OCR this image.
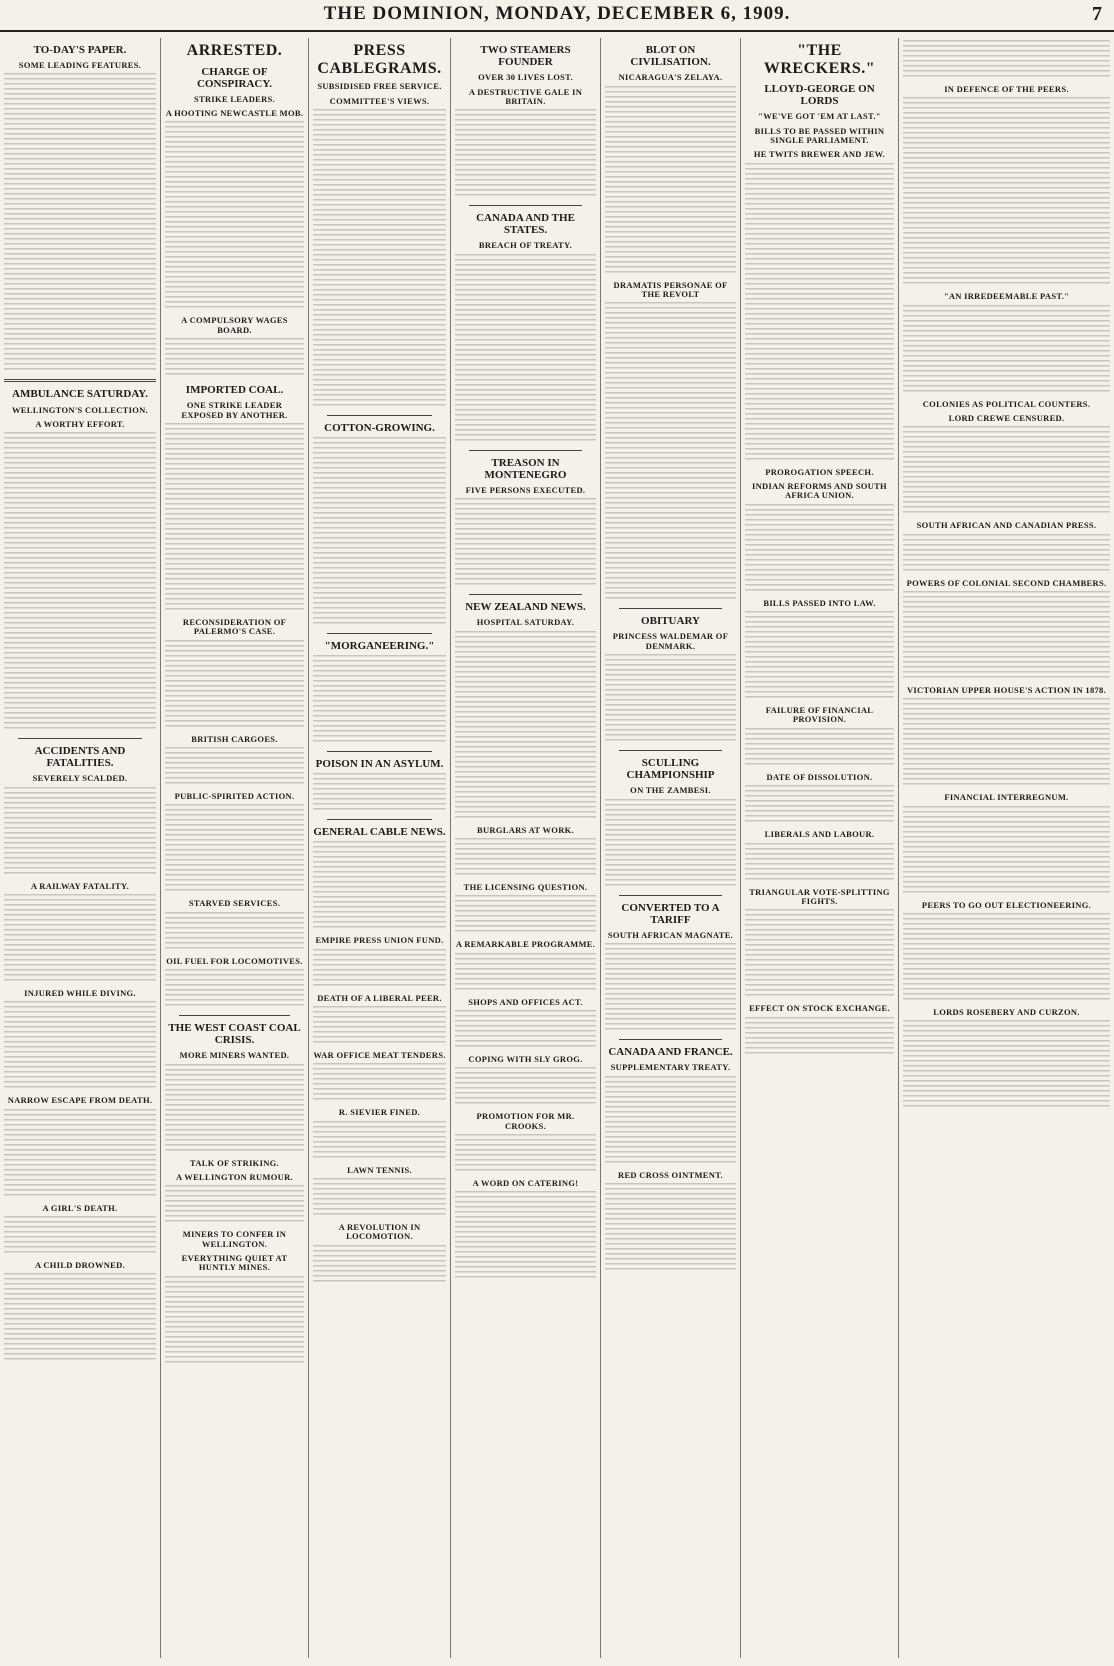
THE DOMINION, MONDAY, DECEMBER 6, 1909.	7
TO-DAY'S PAPER.
SOME LEADING FEATURES.
AMBULANCE SATURDAY.
WELLINGTON'S COLLECTION.
A WORTHY EFFORT.
ACCIDENTS AND FATALITIES.
SEVERELY SCALDED.
A RAILWAY FATALITY.
INJURED WHILE DIVING.
NARROW ESCAPE FROM DEATH.
A GIRL'S DEATH.
A CHILD DROWNED.
ARRESTED.
CHARGE OF CONSPIRACY.
STRIKE LEADERS.
A HOOTING NEWCASTLE MOB.
A COMPULSORY WAGES BOARD.
IMPORTED COAL.
ONE STRIKE LEADER EXPOSED BY ANOTHER.
RECONSIDERATION OF PALERMO'S CASE.
BRITISH CARGOES.
PUBLIC-SPIRITED ACTION.
STARVED SERVICES.
OIL FUEL FOR LOCOMOTIVES.
THE WEST COAST COAL CRISIS.
MORE MINERS WANTED.
TALK OF STRIKING.
A WELLINGTON RUMOUR.
MINERS TO CONFER IN WELLINGTON.
EVERYTHING QUIET AT HUNTLY MINES.
PRESS CABLEGRAMS.
SUBSIDISED FREE SERVICE.
COMMITTEE'S VIEWS.
COTTON-GROWING.
"MORGANEERING."
POISON IN AN ASYLUM.
GENERAL CABLE NEWS.
EMPIRE PRESS UNION FUND.
DEATH OF A LIBERAL PEER.
WAR OFFICE MEAT TENDERS.
R. SIEVIER FINED.
LAWN TENNIS.
A REVOLUTION IN LOCOMOTION.
TWO STEAMERS FOUNDER
OVER 30 LIVES LOST.
A DESTRUCTIVE GALE IN BRITAIN.
CANADA AND THE STATES.
BREACH OF TREATY.
TREASON IN MONTENEGRO
FIVE PERSONS EXECUTED.
NEW ZEALAND NEWS.
HOSPITAL SATURDAY.
BURGLARS AT WORK.
THE LICENSING QUESTION.
A REMARKABLE PROGRAMME.
SHOPS AND OFFICES ACT.
COPING WITH SLY GROG.
PROMOTION FOR MR. CROOKS.
A WORD ON CATERING!
BLOT ON CIVILISATION.
NICARAGUA'S ZELAYA.
DRAMATIS PERSONAE OF THE REVOLT
OBITUARY
PRINCESS WALDEMAR OF DENMARK.
SCULLING CHAMPIONSHIP
ON THE ZAMBESI.
CONVERTED TO A TARIFF
SOUTH AFRICAN MAGNATE.
CANADA AND FRANCE.
SUPPLEMENTARY TREATY.
RED CROSS OINTMENT.
"THE WRECKERS."
LLOYD-GEORGE ON LORDS
"WE'VE GOT 'EM AT LAST."
BILLS TO BE PASSED WITHIN SINGLE PARLIAMENT.
HE TWITS BREWER AND JEW.
PROROGATION SPEECH.
INDIAN REFORMS AND SOUTH AFRICA UNION.
BILLS PASSED INTO LAW.
FAILURE OF FINANCIAL PROVISION.
DATE OF DISSOLUTION.
LIBERALS AND LABOUR.
TRIANGULAR VOTE-SPLITTING FIGHTS.
EFFECT ON STOCK EXCHANGE.
IN DEFENCE OF THE PEERS.
"AN IRREDEEMABLE PAST."
COLONIES AS POLITICAL COUNTERS.
LORD CREWE CENSURED.
SOUTH AFRICAN AND CANADIAN PRESS.
POWERS OF COLONIAL SECOND CHAMBERS.
VICTORIAN UPPER HOUSE'S ACTION IN 1878.
FINANCIAL INTERREGNUM.
PEERS TO GO OUT ELECTIONEERING.
LORDS ROSEBERY AND CURZON.
